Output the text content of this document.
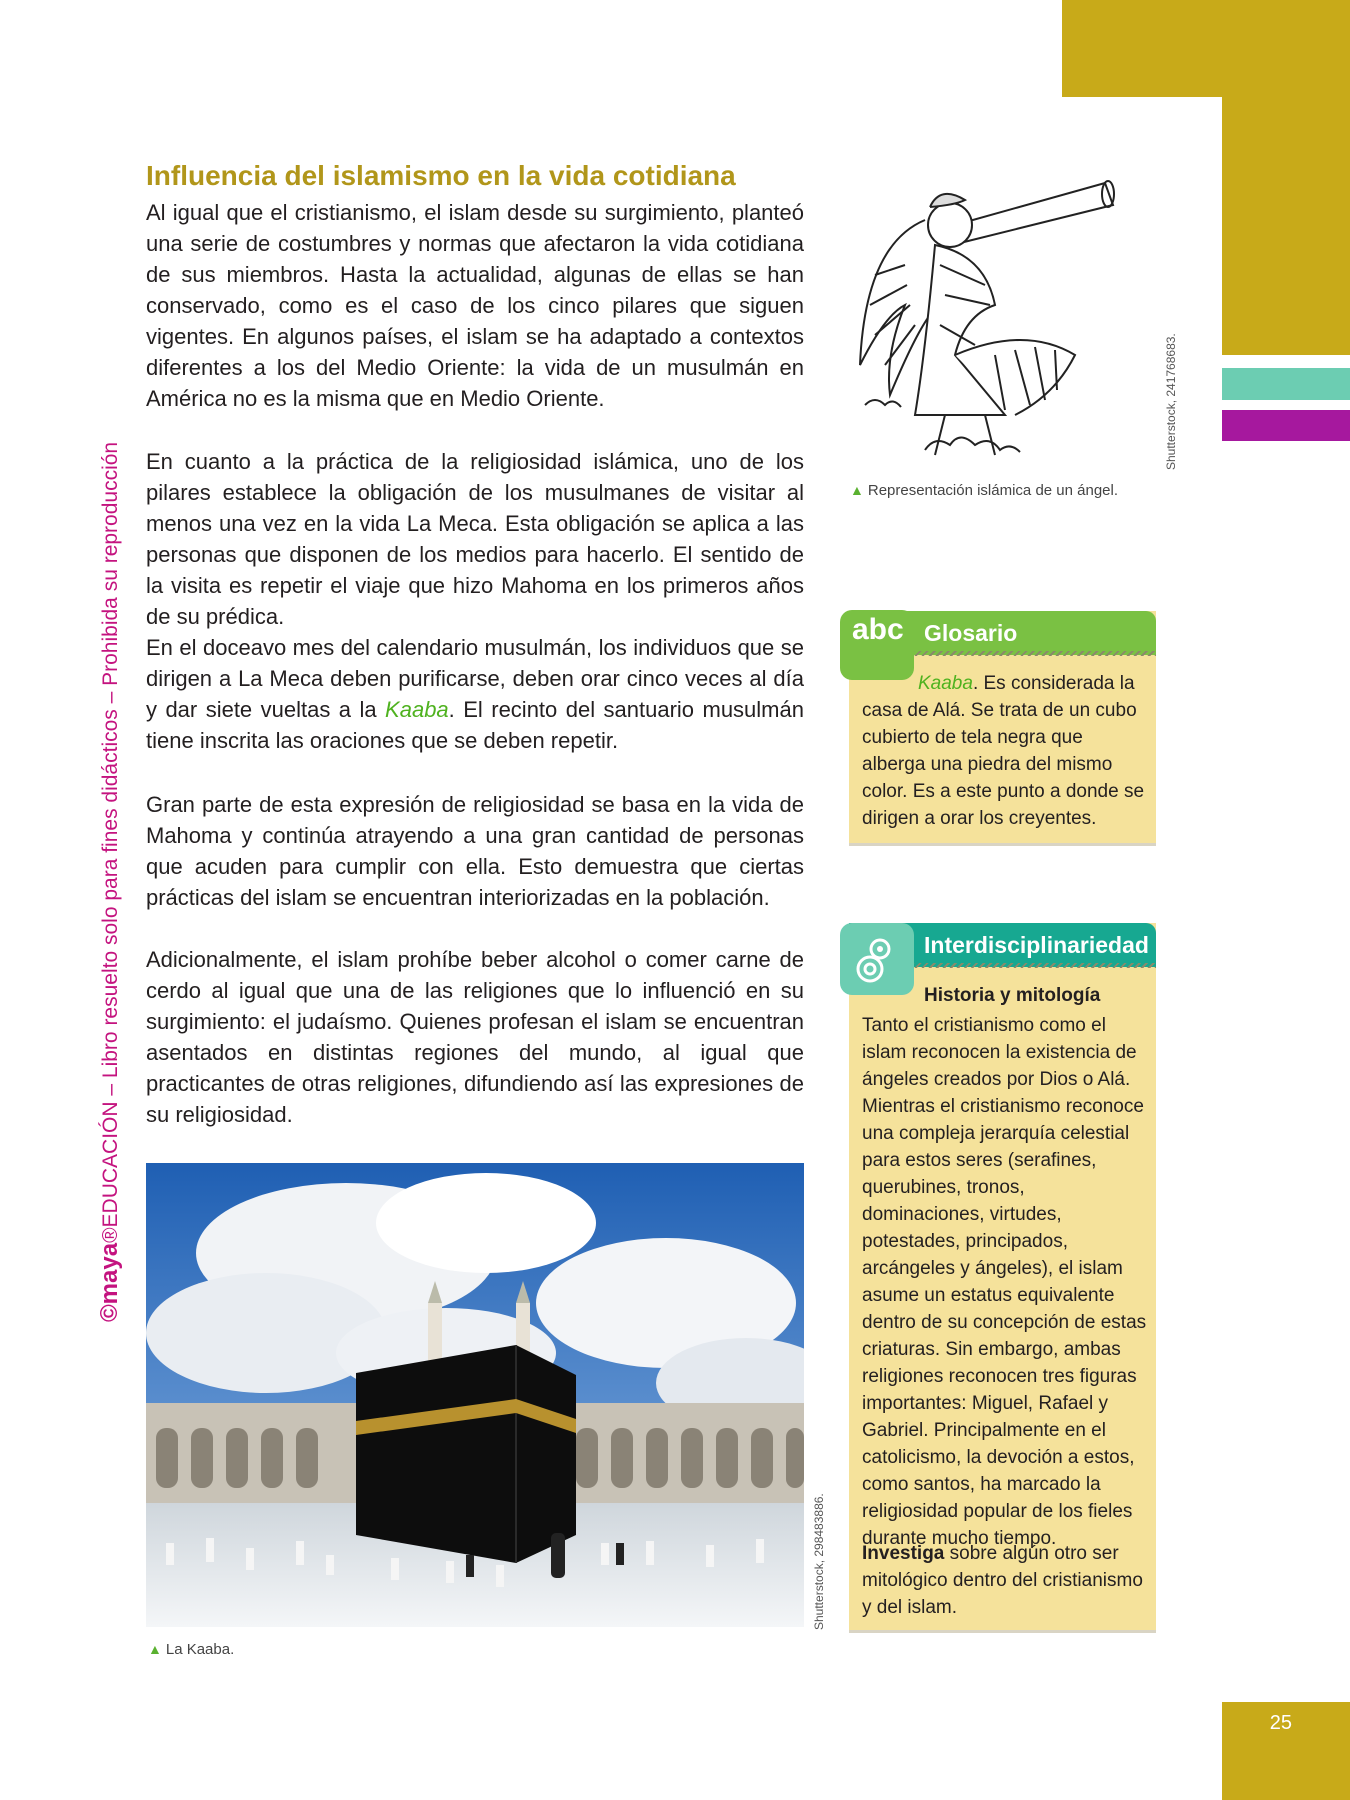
25
©maya®EDUCACIÓN – Libro resuelto solo para fines didácticos – Prohibida su reproducción
Influencia del islamismo en la vida cotidiana

Al igual que el cristianismo, el islam desde su surgimiento, planteó una serie de costumbres y normas que afectaron la vida cotidiana de sus miembros. Hasta la actualidad, algunas de ellas se han conservado, como es el caso de los cinco pilares que siguen vigentes. En algunos países, el islam se ha adaptado a contextos diferentes a los del Medio Oriente: la vida de un musulmán en América no es la misma que en Medio Oriente.

En cuanto a la práctica de la religiosidad islámica, uno de los pilares establece la obligación de los musulmanes de visitar al menos una vez en la vida La Meca. Esta obligación se aplica a las personas que disponen de los medios para hacerlo. El sentido de la visita es repetir el viaje que hizo Mahoma en los primeros años de su prédica.

En el doceavo mes del calendario musulmán, los individuos que se dirigen a La Meca deben purificarse, deben orar cinco veces al día y dar siete vueltas a la Kaaba. El recinto del santuario musulmán tiene inscrita las oraciones que se deben repetir.

Gran parte de esta expresión de religiosidad se basa en la vida de Mahoma y continúa atrayendo a una gran cantidad de personas que acuden para cumplir con ella. Esto demuestra que ciertas prácticas del islam se encuentran interiorizadas en la población.

Adicionalmente, el islam prohíbe beber alcohol o comer carne de cerdo al igual que una de las religiones que lo influenció en su surgimiento: el judaísmo. Quienes profesan el islam se encuentran asentados en distintas regiones del mundo, al igual que practicantes de otras religiones, difundiendo así las expresiones de su religiosidad.

Shutterstock, 241768683.
▲ Representación islámica de un ángel.
Shutterstock, 298483886.
▲ La Kaaba.
abc Glosario
Kaaba. Es considerada la casa de Alá. Se trata de un cubo cubierto de tela negra que alberga una piedra del mismo color. Es a este punto a donde se dirigen a orar los creyentes.
Interdisciplinariedad
Historia y mitología
Tanto el cristianismo como el islam reconocen la existencia de ángeles creados por Dios o Alá. Mientras el cristianismo reconoce una compleja jerarquía celestial para estos seres (serafines, querubines, tronos, dominaciones, virtudes, potestades, principados, arcángeles y ángeles), el islam asume un estatus equivalente dentro de su concepción de estas criaturas. Sin embargo, ambas religiones reconocen tres figuras importantes: Miguel, Rafael y Gabriel. Principalmente en el catolicismo, la devoción a estos, como santos, ha marcado la religiosidad popular de los fieles durante mucho tiempo.
Investiga sobre algún otro ser mitológico dentro del cristianismo y del islam.
